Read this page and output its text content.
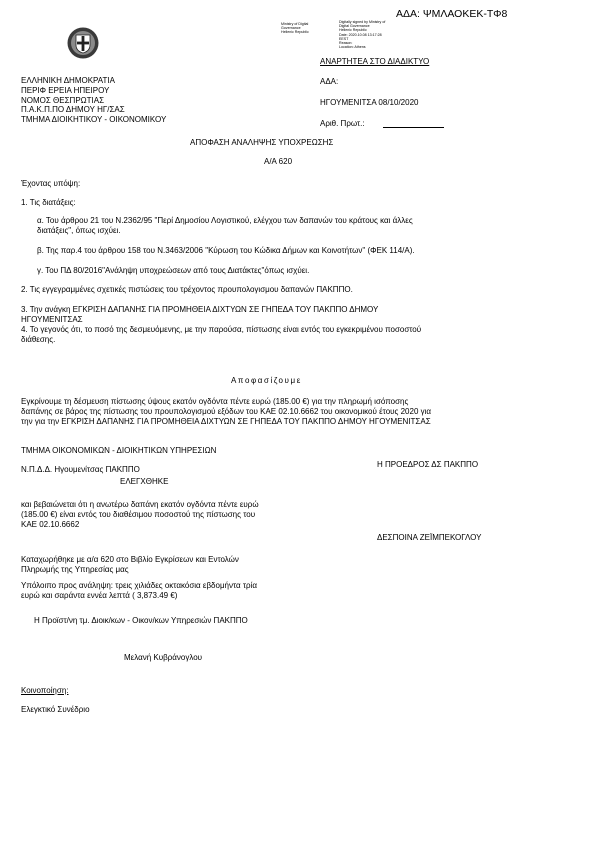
ΑΔΑ: ΨΜΛΑΟΚΕΚ-ΤΦ8
Ministry of Digital
Governance
Hellenic Republic
Digitally signed by Ministry of
Digital Governance
Hellenic Republic
Date: 2020.10.08 13:17:28
EEST
Reason:
Location: Athens
ΕΛΛΗΝΙΚΗ ΔΗΜΟΚΡΑΤΙΑ
ΠΕΡΙΦ ΕΡΕΙΑ ΗΠΕΙΡΟΥ
ΝΟΜΟΣ ΘΕΣΠΡΩΤΙΑΣ
Π.Α.Κ.Π.ΠΟ ΔΗΜΟΥ ΗΓ/ΣΑΣ
ΤΜΗΜΑ ΔΙΟΙΚΗΤΙΚΟΥ - ΟΙΚΟΝΟΜΙΚΟΥ
ΑΝΑΡΤΗΤΕΑ ΣΤΟ ΔΙΑΔΙΚΤΥΟ
ΑΔΑ:
ΗΓΟΥΜΕΝΙΤΣΑ 08/10/2020
Αριθ. Πρωτ.:
ΑΠΟΦΑΣΗ ΑΝΑΛΗΨΗΣ ΥΠΟΧΡΕΩΣΗΣ
Α/Α 620
Έχοντας υπόψη:
1. Τις διατάξεις:
α. Του άρθρου 21 του Ν.2362/95 "Περί Δημοσίου Λογιστικού, ελέγχου των δαπανών του κράτους και άλλες
διατάξεις", όπως ισχύει.
β. Της παρ.4 του άρθρου 158 του Ν.3463/2006 "Κύρωση του Κώδικα Δήμων και Κοινοτήτων" (ΦΕΚ 114/Α).
γ. Του ΠΔ 80/2016"Ανάληψη υποχρεώσεων από τους Διατάκτες"όπως ισχύει.
2. Τις εγγεγραμμένες σχετικές πιστώσεις του τρέχοντος προυπολογισμου δαπανών ΠΑΚΠΠΟ.
3. Την ανάγκη ΕΓΚΡΙΣΗ ΔΑΠΑΝΗΣ ΓΙΑ ΠΡΟΜΗΘΕΙΑ ΔΙΧΤΥΩΝ ΣΕ ΓΗΠΕΔΑ ΤΟΥ ΠΑΚΠΠΟ ΔΗΜΟΥ
ΗΓΟΥΜΕΝΙΤΣΑΣ
4. Το γεγονός ότι, το ποσό της δεσμευόμενης, με την παρούσα, πίστωσης είναι εντός του εγκεκριμένου ποσοστού
διάθεσης.
Αποφασίζουμε
Εγκρίνουμε τη δέσμευση πίστωσης ύψους εκατόν ογδόντα πέντε ευρώ (185.00 €) για την πληρωμή ισόποσης
δαπάνης σε βάρος της πίστωσης του προυπολογισμού εξόδων του ΚΑΕ 02.10.6662 του οικονομικού έτους 2020 για
την για την ΕΓΚΡΙΣΗ ΔΑΠΑΝΗΣ ΓΙΑ ΠΡΟΜΗΘΕΙΑ ΔΙΧΤΥΩΝ ΣΕ ΓΗΠΕΔΑ ΤΟΥ ΠΑΚΠΠΟ ΔΗΜΟΥ ΗΓΟΥΜΕΝΙΤΣΑΣ
ΤΜΗΜΑ ΟΙΚΟΝΟΜΙΚΩΝ - ΔΙΟΙΚΗΤΙΚΩΝ ΥΠΗΡΕΣΙΩΝ
Η ΠΡΟΕΔΡΟΣ ΔΣ ΠΑΚΠΠΟ
Ν.Π.Δ.Δ. Ηγουμενίτσας ΠΑΚΠΠΟ
ΕΛΕΓΧΘΗΚΕ
και βεβαιώνεται ότι η ανωτέρω δαπάνη εκατόν ογδόντα πέντε ευρώ
(185.00 €) είναι εντός του διαθέσιμου ποσοστού της πίστωσης του
ΚΑΕ 02.10.6662
ΔΕΣΠΟΙΝΑ ΖΕΪΜΠΕΚΟΓΛΟΥ
Καταχωρήθηκε με α/α 620 στο Βιβλίο Εγκρίσεων και Εντολών
Πληρωμής της Υπηρεσίας μας
Υπόλοιπο προς ανάληψη: τρεις χιλιάδες οκτακόσια εβδομήντα τρία
ευρώ και σαράντα εννέα λεπτά ( 3,873.49 €)
Η Προϊστ/νη τμ. Διοικ/κων - Οικον/κων Υπηρεσιών ΠΑΚΠΠΟ
Μελανή Κυβράνογλου
Κοινοποίηση:
Ελεγκτικό Συνέδριο
